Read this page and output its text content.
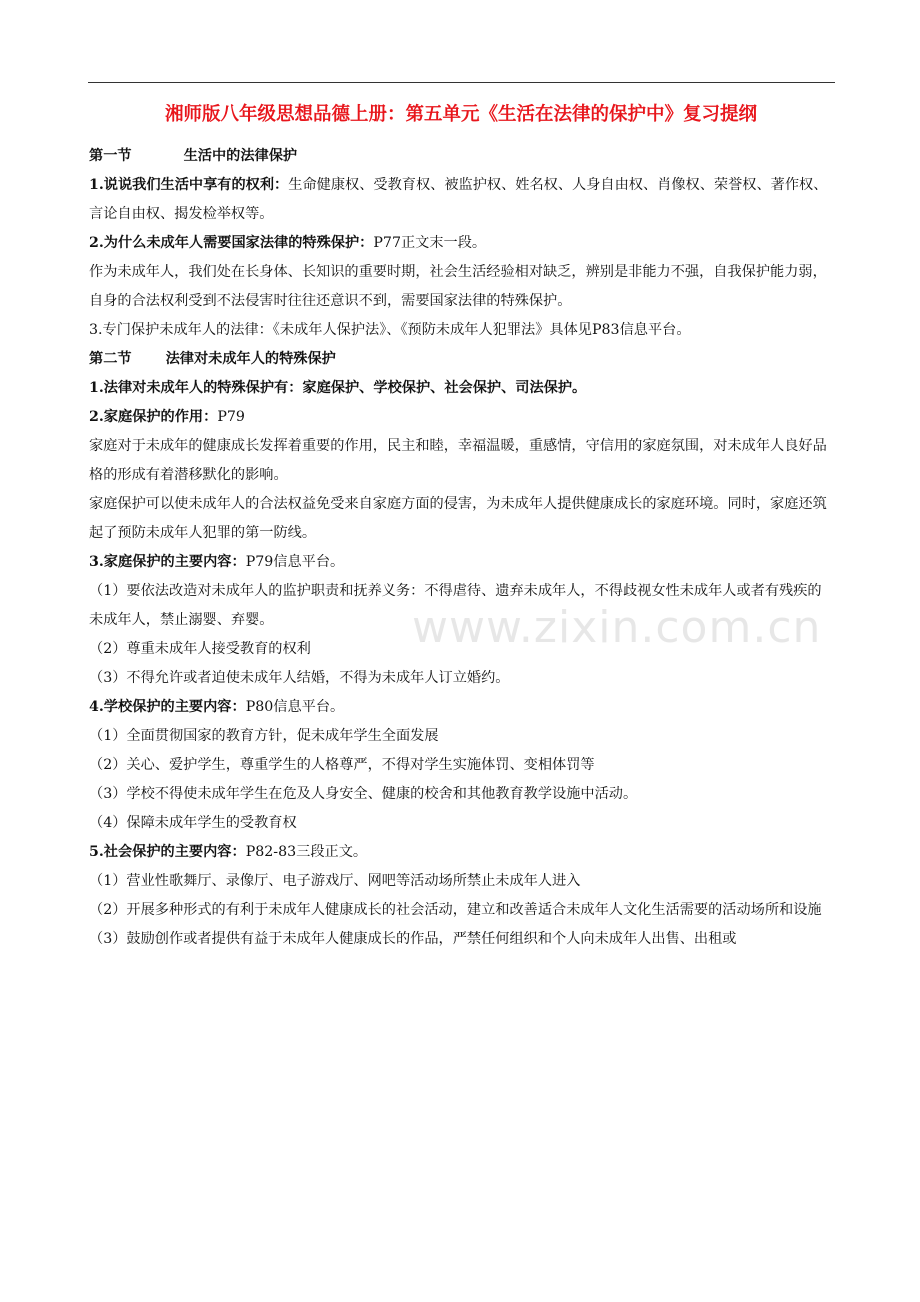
湘师版八年级思想品德上册：第五单元《生活在法律的保护中》复习提纲

第一节	生活中的法律保护

1.说说我们生活中享有的权利：生命健康权、受教育权、被监护权、姓名权、人身自由权、肖像权、荣誉权、著作权、言论自由权、揭发检举权等。

2.为什么未成年人需要国家法律的特殊保护：P77正文末一段。

作为未成年人，我们处在长身体、长知识的重要时期，社会生活经验相对缺乏，辨别是非能力不强，自我保护能力弱，自身的合法权利受到不法侵害时往往还意识不到，需要国家法律的特殊保护。

3.专门保护未成年人的法律：《未成年人保护法》、《预防未成年人犯罪法》具体见P83信息平台。

第二节 法律对未成年人的特殊保护

1.法律对未成年人的特殊保护有：家庭保护、学校保护、社会保护、司法保护。

2.家庭保护的作用：P79

家庭对于未成年的健康成长发挥着重要的作用，民主和睦，幸福温暖，重感情，守信用的家庭氛围，对未成年人良好品格的形成有着潜移默化的影响。

家庭保护可以使未成年人的合法权益免受来自家庭方面的侵害，为未成年人提供健康成长的家庭环境。同时，家庭还筑起了预防未成年人犯罪的第一防线。

3.家庭保护的主要内容：P79信息平台。

（1）要依法改造对未成年人的监护职责和抚养义务：不得虐待、遗弃未成年人，不得歧视女性未成年人或者有残疾的未成年人，禁止溺婴、弃婴。

（2）尊重未成年人接受教育的权利

（3）不得允许或者迫使未成年人结婚，不得为未成年人订立婚约。

4.学校保护的主要内容：P80信息平台。

（1）全面贯彻国家的教育方针，促未成年学生全面发展

（2）关心、爱护学生，尊重学生的人格尊严，不得对学生实施体罚、变相体罚等

（3）学校不得使未成年学生在危及人身安全、健康的校舍和其他教育教学设施中活动。

（4）保障未成年学生的受教育权

5.社会保护的主要内容：P82-83三段正文。

（1）营业性歌舞厅、录像厅、电子游戏厅、网吧等活动场所禁止未成年人进入

（2）开展多种形式的有利于未成年人健康成长的社会活动，建立和改善适合未成年人文化生活需要的活动场所和设施

（3）鼓励创作或者提供有益于未成年人健康成长的作品，严禁任何组织和个人向未成年人出售、出租或

www.zixin.com.cn
